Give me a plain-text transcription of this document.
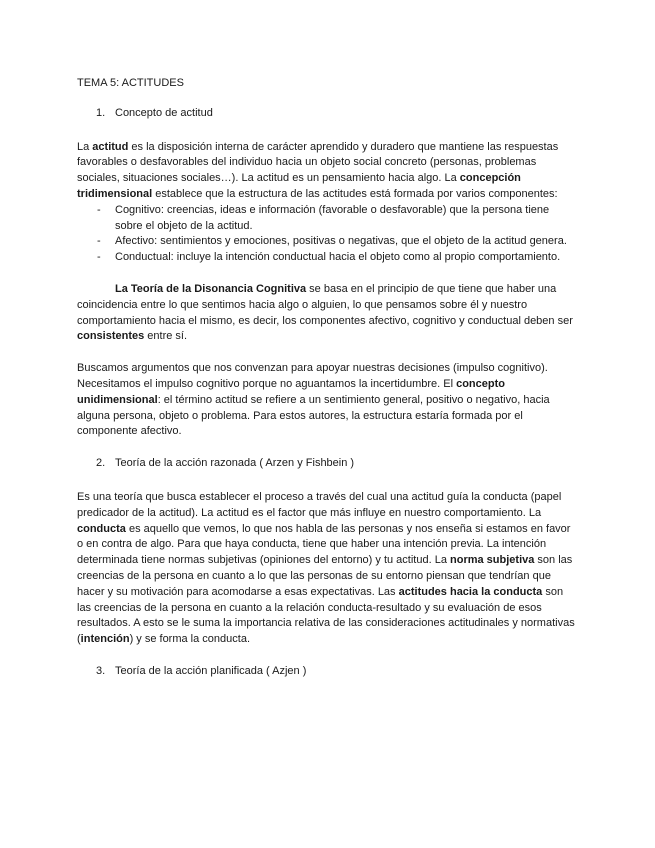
TEMA 5: ACTITUDES
1. Concepto de actitud

La actitud es la disposición interna de carácter aprendido y duradero que mantiene las respuestas favorables o desfavorables del individuo hacia un objeto social concreto (personas, problemas sociales, situaciones sociales…). La actitud es un pensamiento hacia algo. La concepción tridimensional establece que la estructura de las actitudes está formada por varios componentes:

- Cognitivo: creencias, ideas e información (favorable o desfavorable) que la persona tiene sobre el objeto de la actitud.
- Afectivo: sentimientos y emociones, positivas o negativas, que el objeto de la actitud genera.
- Conductual: incluye la intención conductual hacia el objeto como al propio comportamiento.

La Teoría de la Disonancia Cognitiva se basa en el principio de que tiene que haber una coincidencia entre lo que sentimos hacia algo o alguien, lo que pensamos sobre él y nuestro comportamiento hacia el mismo, es decir, los componentes afectivo, cognitivo y conductual deben ser consistentes entre sí.

Buscamos argumentos que nos convenzan para apoyar nuestras decisiones (impulso cognitivo). Necesitamos el impulso cognitivo porque no aguantamos la incertidumbre. El concepto unidimensional: el término actitud se refiere a un sentimiento general, positivo o negativo, hacia alguna persona, objeto o problema. Para estos autores, la estructura estaría formada por el componente afectivo.

2. Teoría de la acción razonada ( Arzen y Fishbein )

Es una teoría que busca establecer el proceso a través del cual una actitud guía la conducta (papel predicador de la actitud). La actitud es el factor que más influye en nuestro comportamiento. La conducta es aquello que vemos, lo que nos habla de las personas y nos enseña si estamos en favor o en contra de algo. Para que haya conducta, tiene que haber una intención previa. La intención determinada tiene normas subjetivas (opiniones del entorno) y tu actitud. La norma subjetiva son las creencias de la persona en cuanto a lo que las personas de su entorno piensan que tendrían que hacer y su motivación para acomodarse a esas expectativas. Las actitudes hacia la conducta son las creencias de la persona en cuanto a la relación conducta-resultado y su evaluación de esos resultados. A esto se le suma la importancia relativa de las consideraciones actitudinales y normativas (intención) y se forma la conducta.

3. Teoría de la acción planificada ( Azjen )
